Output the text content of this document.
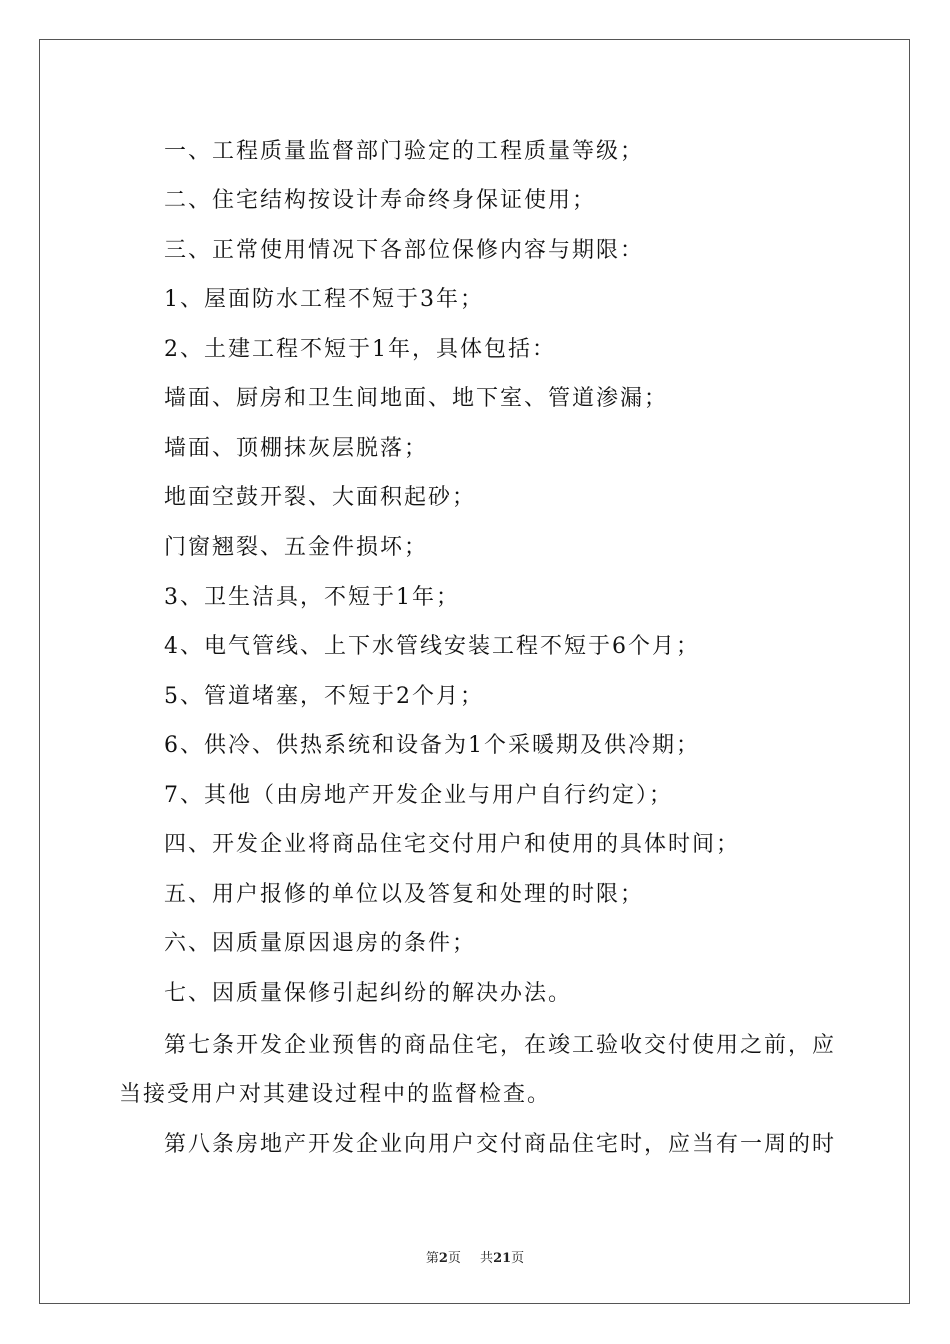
一、工程质量监督部门验定的工程质量等级；
二、住宅结构按设计寿命终身保证使用；
三、正常使用情况下各部位保修内容与期限：
1、屋面防水工程不短于3年；
2、土建工程不短于1年，具体包括：
墙面、厨房和卫生间地面、地下室、管道渗漏；
墙面、顶棚抹灰层脱落；
地面空鼓开裂、大面积起砂；
门窗翘裂、五金件损坏；
3、卫生洁具，不短于1年；
4、电气管线、上下水管线安装工程不短于6个月；
5、管道堵塞，不短于2个月；
6、供冷、供热系统和设备为1个采暖期及供冷期；
7、其他（由房地产开发企业与用户自行约定）；
四、开发企业将商品住宅交付用户和使用的具体时间；
五、用户报修的单位以及答复和处理的时限；
六、因质量原因退房的条件；
七、因质量保修引起纠纷的解决办法。
第七条开发企业预售的商品住宅，在竣工验收交付使用之前，应
当接受用户对其建设过程中的监督检查。
第八条房地产开发企业向用户交付商品住宅时，应当有一周的时
第2页 共21页
